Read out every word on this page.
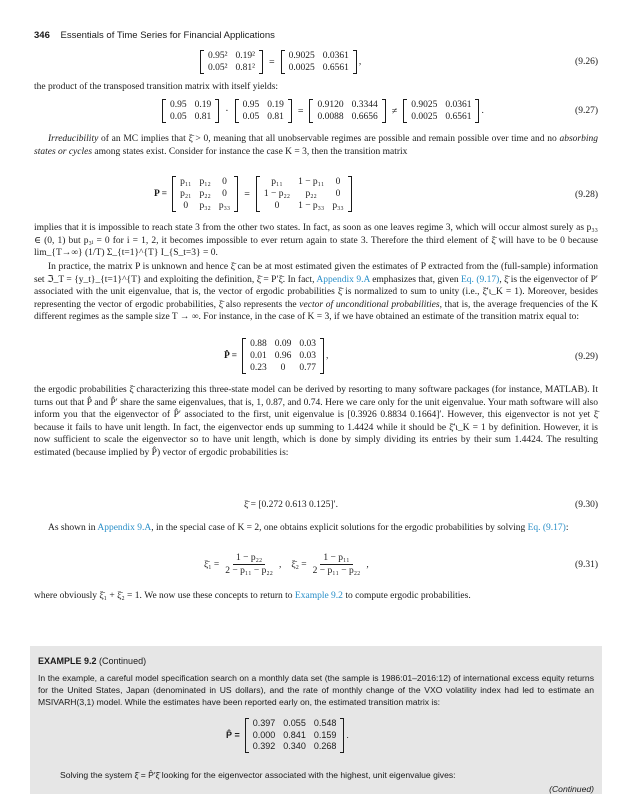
346 Essentials of Time Series for Financial Applications
0.95²	0.19²
0.05²	0.81²
=
0.9025	0.0361
0.0025	0.6561
,	(9.26)
the product of the transposed transition matrix with itself yields:
0.95	0.19
0.05	0.81
·
0.95	0.19
0.05	0.81
=
0.9120	0.3344
0.0088	0.6656
≠
0.9025	0.0361
0.0025	0.6561
.	(9.27)
Irreducibility of an MC implies that ξ̄ > 0, meaning that all unobservable regimes are possible and remain possible over time and no absorbing states or cycles among states exist. Consider for instance the case K = 3, then the transition matrix
P =
p₁₁	p₁₂	0
p₂₁	p₂₂	0
0	p₃₂	p₃₃
=
p₁₁	1 − p₁₁	0
1 − p₂₂	p₂₂	0
0	1 − p₃₃	p₃₃
(9.28)
implies that it is impossible to reach state 3 from the other two states. In fact, as soon as one leaves regime 3, which will occur almost surely as p₃₃ ∈ (0, 1) but p₃ᵢ = 0 for i = 1, 2, it becomes impossible to ever return again to state 3. Therefore the third element of ξ̄ will have to be 0 because lim_{T→∞} (1/T) Σ_{t=1}^{T} I_{S_t=3} = 0.
In practice, the matrix P is unknown and hence ξ̄ can be at most estimated given the estimates of P extracted from the (full-sample) information set ℑ_T = {y_t}_{t=1}^{T} and exploiting the definition, ξ̄ = P′ξ̄. In fact, Appendix 9.A emphasizes that, given Eq. (9.17), ξ̄ is the eigenvector of P′ associated with the unit eigenvalue, that is, the vector of ergodic probabilities ξ̄ is normalized to sum to unity (i.e., ξ̄′ι_K = 1). Moreover, besides representing the vector of ergodic probabilities, ξ̄ also represents the vector of unconditional probabilities, that is, the average frequencies of the K different regimes as the sample size T → ∞. For instance, in the case of K = 3, if we have obtained an estimate of the transition matrix equal to:
P̂ =
0.88	0.09	0.03
0.01	0.96	0.03
0.23	0	0.77
,	(9.29)
the ergodic probabilities ξ̄ characterizing this three-state model can be derived by resorting to many software packages (for instance, MATLAB). It turns out that P̂ and P̂′ share the same eigenvalues, that is, 1, 0.87, and 0.74. Here we care only for the unit eigenvalue. Your math software will also inform you that the eigenvector of P̂′ associated to the first, unit eigenvalue is [0.3926 0.8834 0.1664]′. However, this eigenvector is not yet ξ̄ because it fails to have unit length. In fact, the eigenvector ends up summing to 1.4424 while it should be ξ̄′ι_K = 1 by definition. However, it is now sufficient to scale the eigenvector so to have unit length, which is done by simply dividing its entries by their sum 1.4424. The resulting estimated (because implied by P̂) vector of ergodic probabilities is:
ξ̄ = [0.272 0.613 0.125]′.	(9.30)
As shown in Appendix 9.A, in the special case of K = 2, one obtains explicit solutions for the ergodic probabilities by solving Eq. (9.17):
ξ̄₁ = $\frac{\text{1 − p₂₂}}{\text{2 − p₁₁ − p₂₂}}$ , ξ̄₂ = $\frac{\text{1 − p₁₁}}{\text{2 − p₁₁ − p₂₂}}$ ,	(9.31)
where obviously ξ̄₁ + ξ̄₂ = 1. We now use these concepts to return to Example 9.2 to compute ergodic probabilities.
EXAMPLE 9.2 (Continued)
In the example, a careful model specification search on a monthly data set (the sample is 1986:01–2016:12) of international excess equity returns for the United States, Japan (denominated in US dollars), and the rate of monthly change of the VXO volatility index had led to estimate an MSIVARH(3,1) model. While the estimates have been reported early on, the estimated transition matrix is:
P̂ =
0.397	0.055	0.548
0.000	0.841	0.159
0.392	0.340	0.268
.
Solving the system ξ̄ = P̂′ξ̄ looking for the eigenvector associated with the highest, unit eigenvalue gives:
(Continued)
